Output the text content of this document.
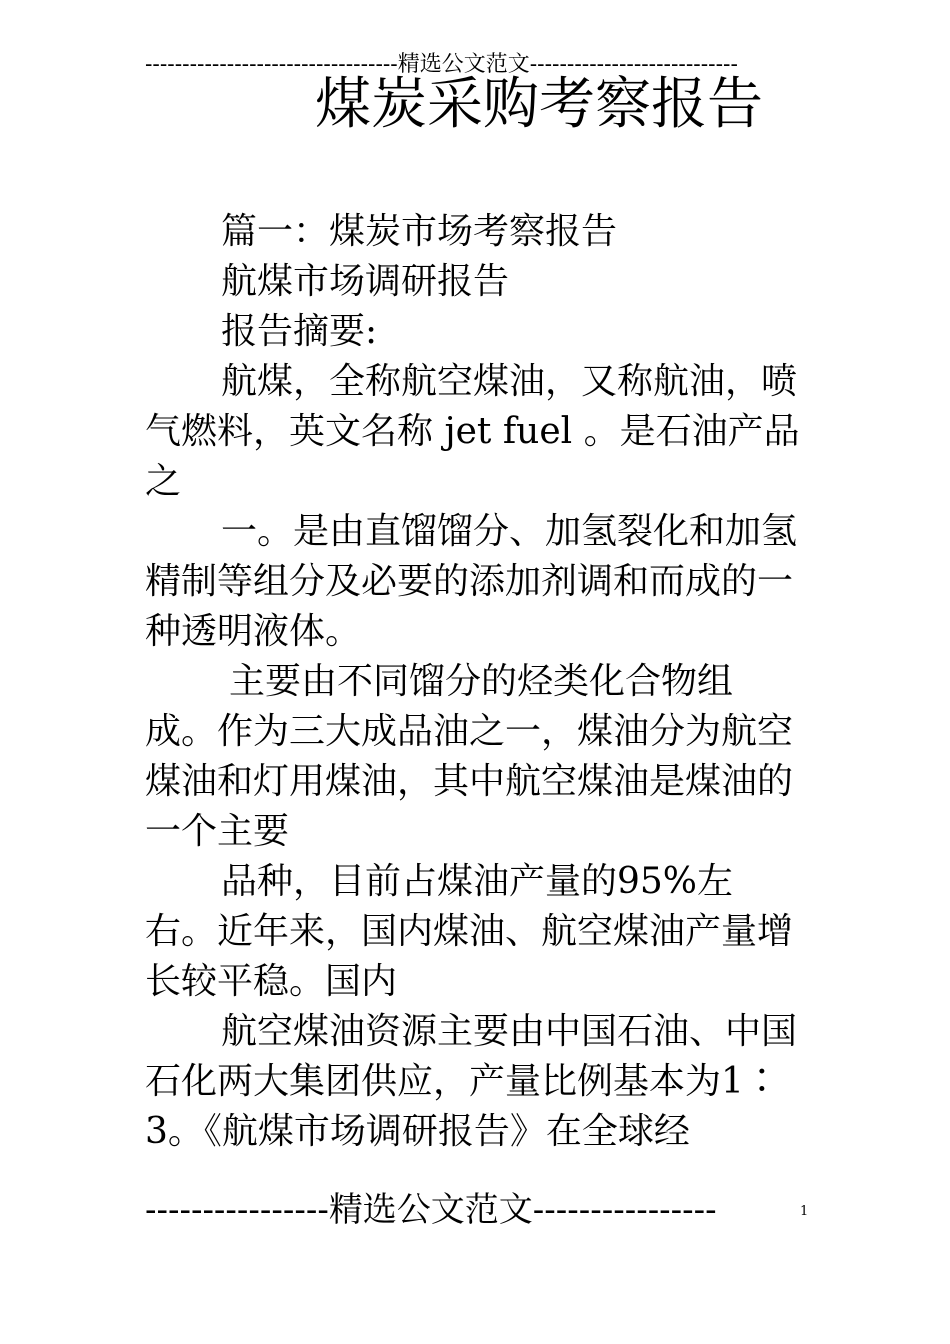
----------------------------------精选公文范文----------------------------
煤炭采购考察报告

篇一：煤炭市场考察报告

航煤市场调研报告

报告摘要:

航煤，全称航空煤油，又称航油，喷气燃料，英文名称 jet fuel 。是石油产品之

一。是由直馏馏分、加氢裂化和加氢精制等组分及必要的添加剂调和而成的一种透明液体。

主要由不同馏分的烃类化合物组成。作为三大成品油之一，煤油分为航空煤油和灯用煤油，其中航空煤油是煤油的一个主要

品种，目前占煤油产量的95%左右。近年来，国内煤油、航空煤油产量增长较平稳。国内

航空煤油资源主要由中国石油、中国石化两大集团供应，产量比例基本为1∶3。《航煤市场调研报告》在全球经

----------------精选公文范文----------------	1
